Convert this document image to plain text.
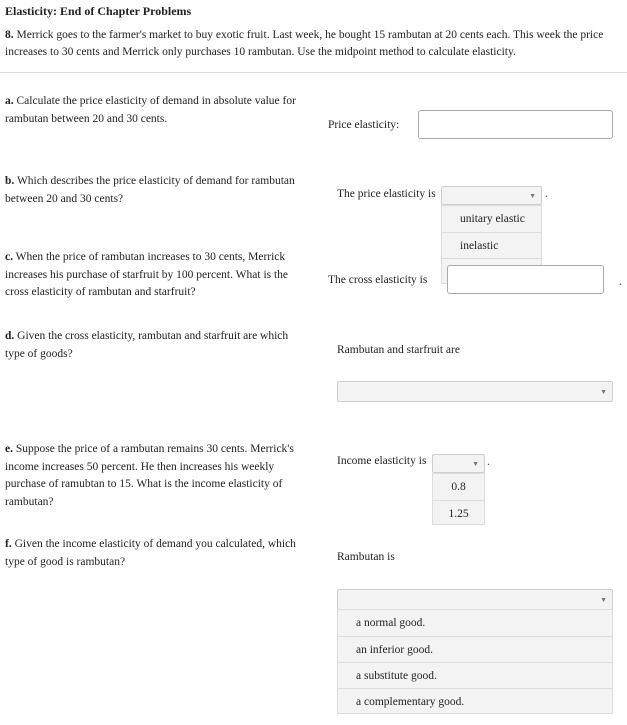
Elasticity: End of Chapter Problems
8. Merrick goes to the farmer's market to buy exotic fruit. Last week, he bought 15 rambutan at 20 cents each. This week the price increases to 30 cents and Merrick only purchases 10 rambutan. Use the midpoint method to calculate elasticity.
a. Calculate the price elasticity of demand in absolute value for rambutan between 20 and 30 cents.
Price elasticity:
b. Which describes the price elasticity of demand for rambutan between 20 and 30 cents?	The price elasticity is	▼ .
unitary elastic
inelastic
c. When the price of rambutan increases to 30 cents, Merrick increases his purchase of starfruit by 100 percent. What is the cross elasticity of rambutan and starfruit?
The cross elasticity is	.
d. Given the cross elasticity, rambutan and starfruit are which type of goods?	Rambutan and starfruit are
▼
e. Suppose the price of a rambutan remains 30 cents. Merrick's income increases 50 percent. He then increases his weekly purchase of ramubtan to 15. What is the income elasticity of rambutan?
Income elasticity is	▼ .
0.8
1.25
f. Given the income elasticity of demand you calculated, which type of good is rambutan?	Rambutan is
▼
a normal good.
an inferior good.
a substitute good.
a complementary good.
